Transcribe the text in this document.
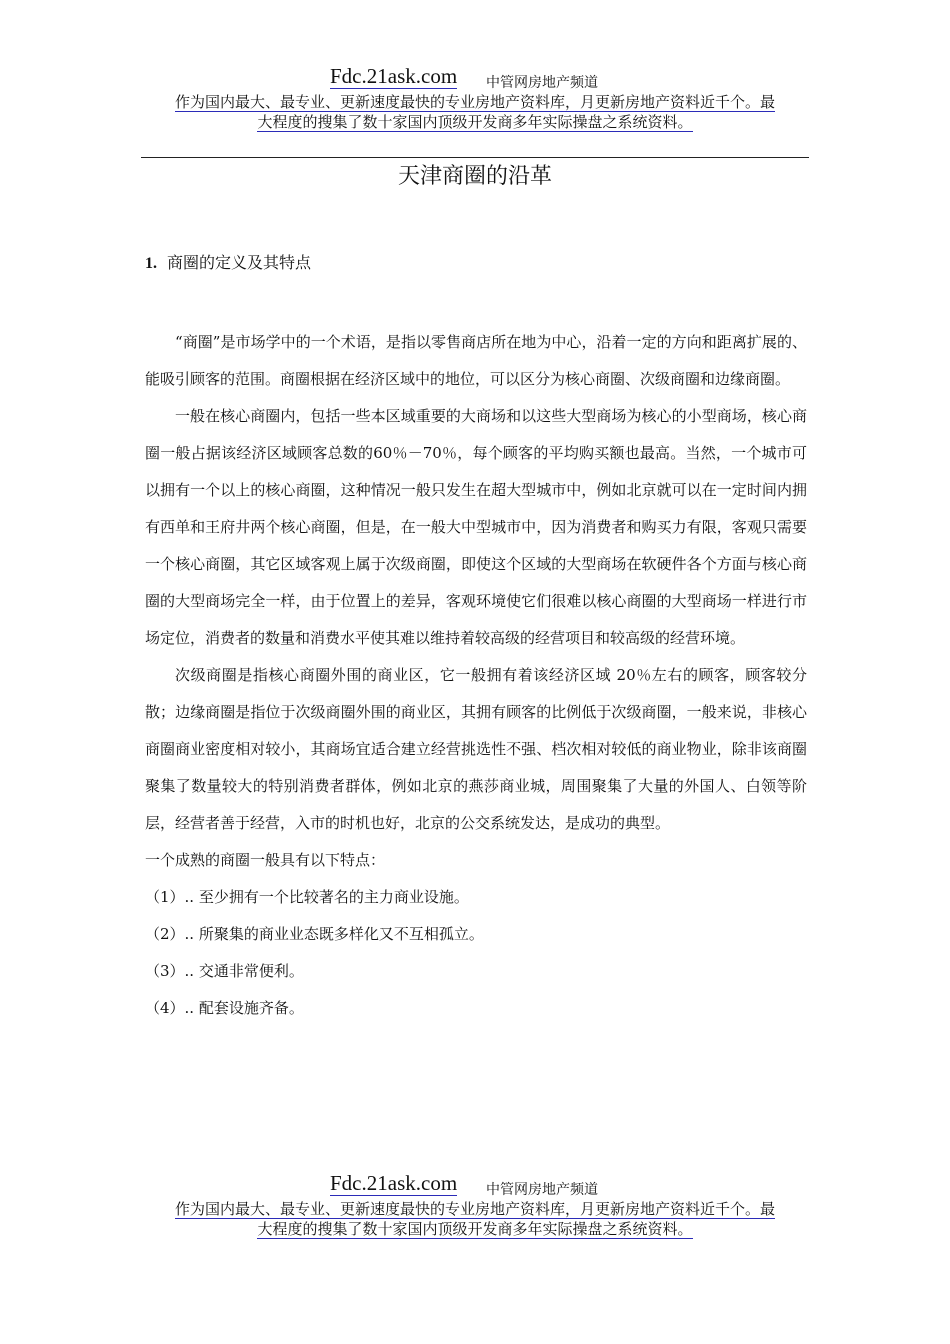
Fdc.21ask.com 中管网房地产频道
作为国内最大、最专业、更新速度最快的专业房地产资料库，月更新房地产资料近千个。最
大程度的搜集了数十家国内顶级开发商多年实际操盘之系统资料。
天津商圈的沿革
1. 商圈的定义及其特点

“商圈”是市场学中的一个术语，是指以零售商店所在地为中心，沿着一定的方向和距离扩展的、能吸引顾客的范围。商圈根据在经济区域中的地位，可以区分为核心商圈、次级商圈和边缘商圈。

一般在核心商圈内，包括一些本区域重要的大商场和以这些大型商场为核心的小型商场，核心商圈一般占据该经济区域顾客总数的60％－70％，每个顾客的平均购买额也最高。当然，一个城市可以拥有一个以上的核心商圈，这种情况一般只发生在超大型城市中，例如北京就可以在一定时间内拥有西单和王府井两个核心商圈，但是，在一般大中型城市中，因为消费者和购买力有限，客观只需要一个核心商圈，其它区域客观上属于次级商圈，即使这个区域的大型商场在软硬件各个方面与核心商圈的大型商场完全一样，由于位置上的差异，客观环境使它们很难以核心商圈的大型商场一样进行市场定位，消费者的数量和消费水平使其难以维持着较高级的经营项目和较高级的经营环境。

次级商圈是指核心商圈外围的商业区，它一般拥有着该经济区域 20％左右的顾客，顾客较分散；边缘商圈是指位于次级商圈外围的商业区，其拥有顾客的比例低于次级商圈，一般来说，非核心商圈商业密度相对较小，其商场宜适合建立经营挑选性不强、档次相对较低的商业物业，除非该商圈聚集了数量较大的特别消费者群体，例如北京的燕莎商业城，周围聚集了大量的外国人、白领等阶层，经营者善于经营，入市的时机也好，北京的公交系统发达，是成功的典型。

一个成熟的商圈一般具有以下特点：

（1）.. 至少拥有一个比较著名的主力商业设施。

（2）.. 所聚集的商业业态既多样化又不互相孤立。

（3）.. 交通非常便利。

（4）.. 配套设施齐备。

Fdc.21ask.com 中管网房地产频道
作为国内最大、最专业、更新速度最快的专业房地产资料库，月更新房地产资料近千个。最
大程度的搜集了数十家国内顶级开发商多年实际操盘之系统资料。
